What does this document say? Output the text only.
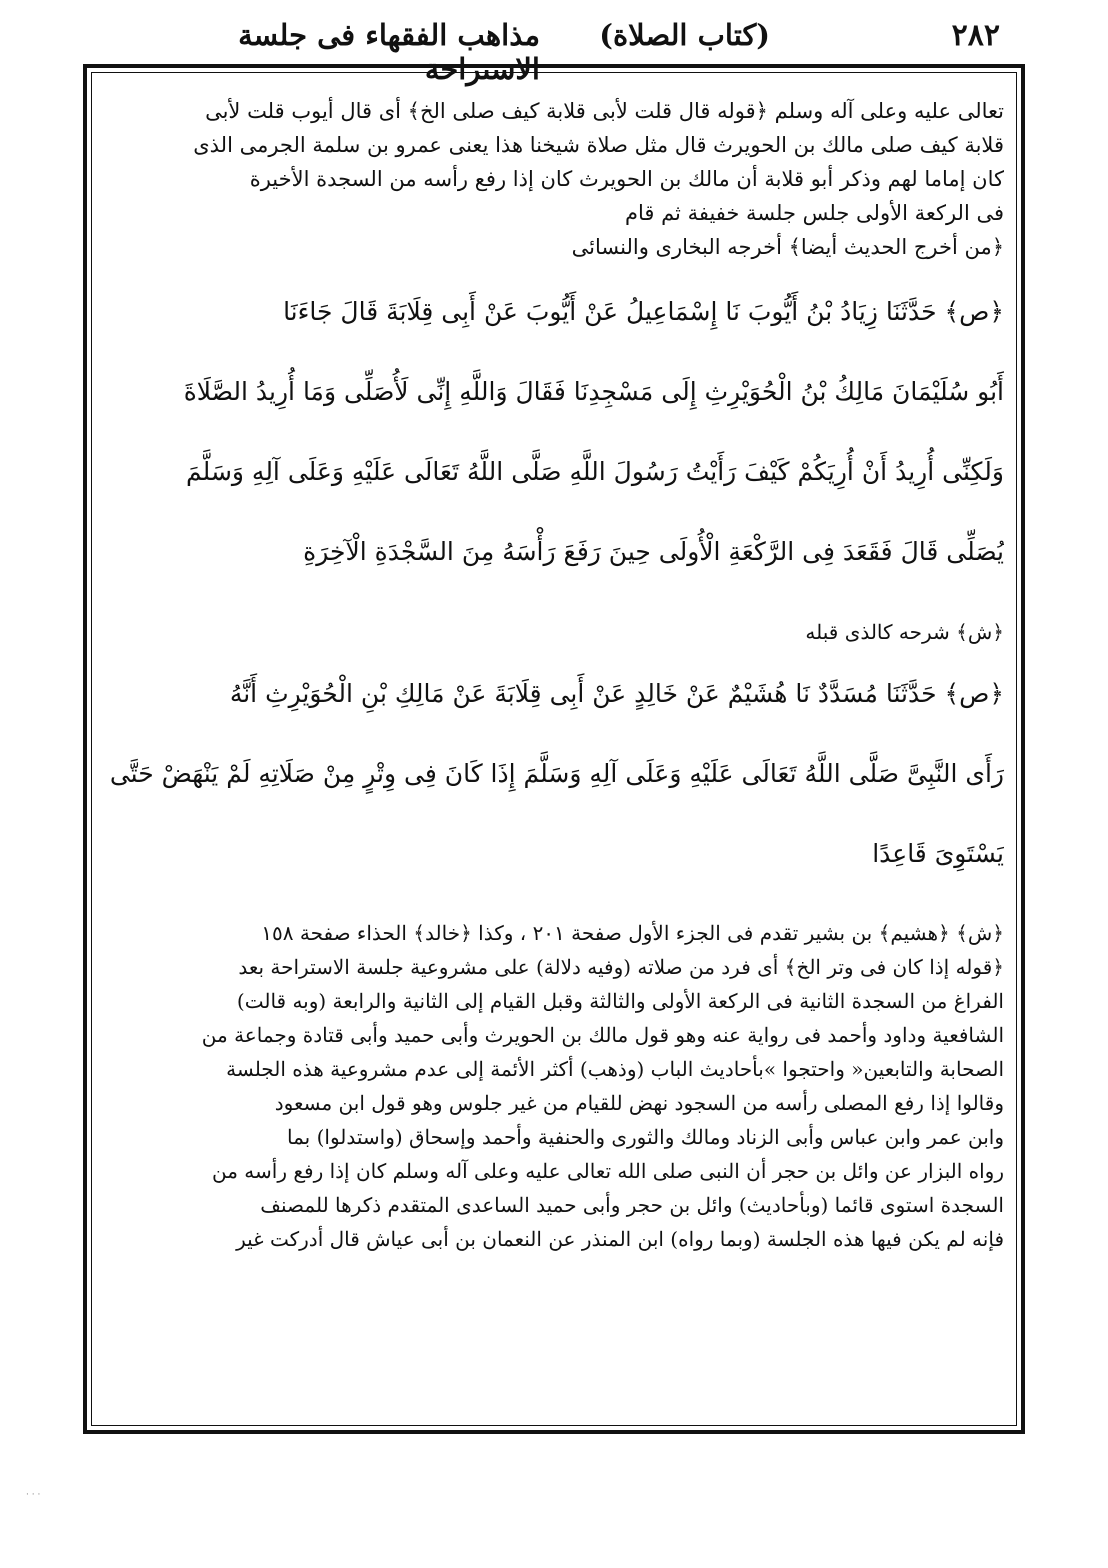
٢٨٢
(كتاب الصلاة)
مذاهب الفقهاء فى جلسة الاستراحة
تعالى عليه وعلى آله وسلم ﴿قوله قال قلت لأبى قلابة كيف صلى الخ﴾ أى قال أيوب قلت لأبى
قلابة كيف صلى مالك بن الحويرث قال مثل صلاة شيخنا هذا يعنى عمرو بن سلمة الجرمى الذى
كان إماما لهم وذكر أبو قلابة أن مالك بن الحويرث كان إذا رفع رأسه من السجدة الأخيرة
فى الركعة الأولى جلس جلسة خفيفة ثم قام
﴿من أخرج الحديث أيضا﴾ أخرجه البخارى والنسائى
﴿ص﴾ حَدَّثَنَا زِيَادُ بْنُ أَيُّوبَ نَا إِسْمَاعِيلُ عَنْ أَيُّوبَ عَنْ أَبِى قِلَابَةَ قَالَ جَاءَنَا
أَبُو سُلَيْمَانَ مَالِكُ بْنُ الْحُوَيْرِثِ إِلَى مَسْجِدِنَا فَقَالَ وَاللَّهِ إِنِّى لَأُصَلِّى وَمَا أُرِيدُ الصَّلَاةَ
وَلَكِنِّى أُرِيدُ أَنْ أُرِيَكُمْ كَيْفَ رَأَيْتُ رَسُولَ اللَّهِ صَلَّى اللَّهُ تَعَالَى عَلَيْهِ وَعَلَى آلِهِ وَسَلَّمَ
يُصَلِّى قَالَ فَقَعَدَ فِى الرَّكْعَةِ الْأُولَى حِينَ رَفَعَ رَأْسَهُ مِنَ السَّجْدَةِ الْآخِرَةِ
﴿ش﴾ شرحه كالذى قبله
﴿ص﴾ حَدَّثَنَا مُسَدَّدٌ نَا هُشَيْمٌ عَنْ خَالِدٍ عَنْ أَبِى قِلَابَةَ عَنْ مَالِكِ بْنِ الْحُوَيْرِثِ أَنَّهُ
رَأَى النَّبِىَّ صَلَّى اللَّهُ تَعَالَى عَلَيْهِ وَعَلَى آلِهِ وَسَلَّمَ إِذَا كَانَ فِى وِتْرٍ مِنْ صَلَاتِهِ لَمْ يَنْهَضْ حَتَّى
يَسْتَوِىَ قَاعِدًا
﴿ش﴾ ﴿هشيم﴾ بن بشير تقدم فى الجزء الأول صفحة ٢٠١ ، وكذا ﴿خالد﴾ الحذاء صفحة ١٥٨
﴿قوله إذا كان فى وتر الخ﴾ أى فرد من صلاته (وفيه دلالة) على مشروعية جلسة الاستراحة بعد
الفراغ من السجدة الثانية فى الركعة الأولى والثالثة وقبل القيام إلى الثانية والرابعة (وبه قالت)
الشافعية وداود وأحمد فى رواية عنه وهو قول مالك بن الحويرث وأبى حميد وأبى قتادة وجماعة من
الصحابة والتابعين« واحتجوا »بأحاديث الباب (وذهب) أكثر الأئمة إلى عدم مشروعية هذه الجلسة
وقالوا إذا رفع المصلى رأسه من السجود نهض للقيام من غير جلوس وهو قول ابن مسعود
وابن عمر وابن عباس وأبى الزناد ومالك والثورى والحنفية وأحمد وإسحاق (واستدلوا) بما
رواه البزار عن وائل بن حجر أن النبى صلى الله تعالى عليه وعلى آله وسلم كان إذا رفع رأسه من
السجدة استوى قائما (وبأحاديث) وائل بن حجر وأبى حميد الساعدى المتقدم ذكرها للمصنف
فإنه لم يكن فيها هذه الجلسة (وبما رواه) ابن المنذر عن النعمان بن أبى عياش قال أدركت غير
· · ·
